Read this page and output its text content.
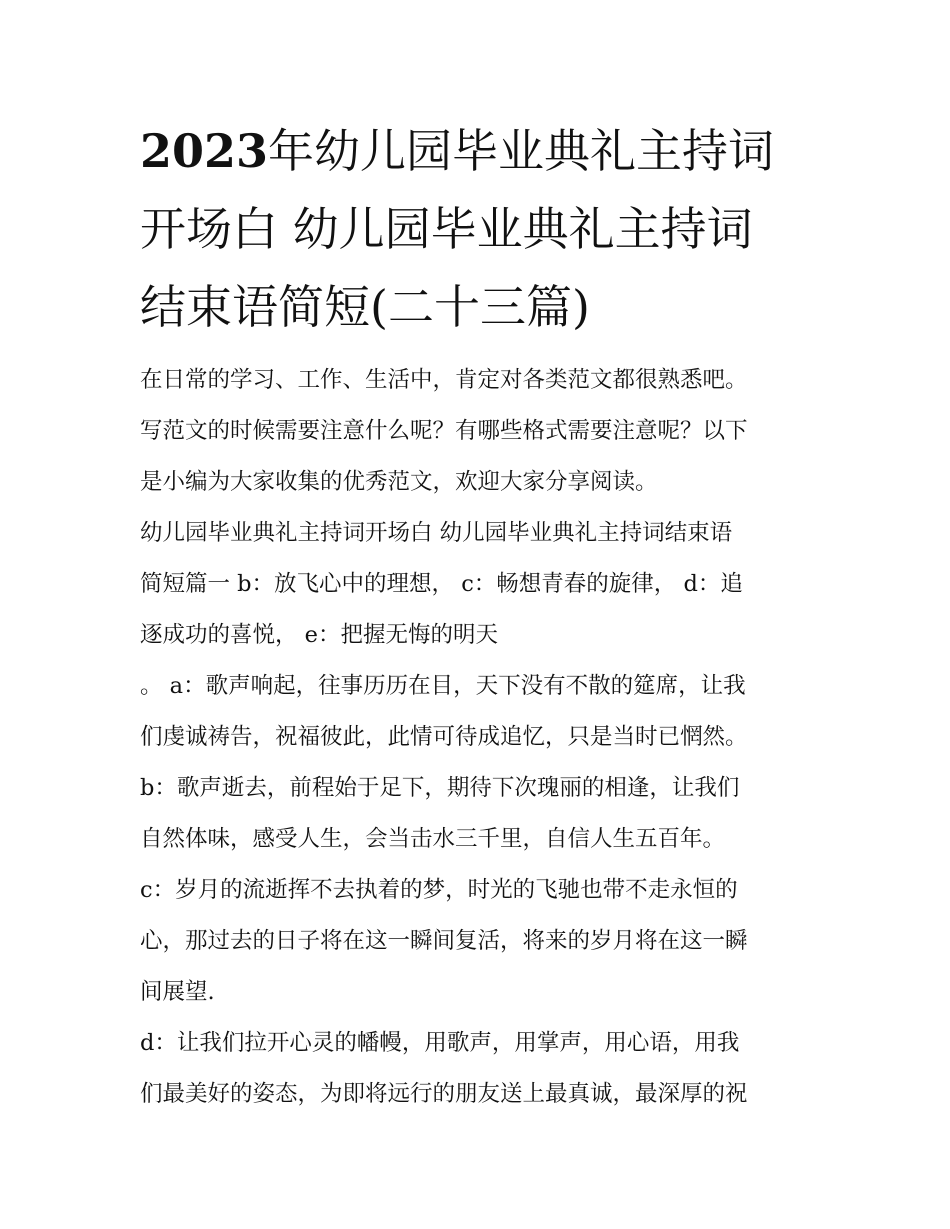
2023年幼儿园毕业典礼主持词
开场白 幼儿园毕业典礼主持词
结束语简短(二十三篇)
在日常的学习、工作、生活中，肯定对各类范文都很熟悉吧。
写范文的时候需要注意什么呢？有哪些格式需要注意呢？以下
是小编为大家收集的优秀范文，欢迎大家分享阅读。
幼儿园毕业典礼主持词开场白 幼儿园毕业典礼主持词结束语
简短篇一 b：放飞心中的理想， c：畅想青春的旋律， d：追
逐成功的喜悦， e：把握无悔的明天
。 a：歌声响起，往事历历在目，天下没有不散的筵席，让我
们虔诚祷告，祝福彼此，此情可待成追忆，只是当时已惘然。
b：歌声逝去，前程始于足下，期待下次瑰丽的相逢，让我们
自然体味，感受人生，会当击水三千里，自信人生五百年。
c：岁月的流逝挥不去执着的梦，时光的飞驰也带不走永恒的
心，那过去的日子将在这一瞬间复活，将来的岁月将在这一瞬
间展望.
d：让我们拉开心灵的幡幔，用歌声，用掌声，用心语，用我
们最美好的姿态，为即将远行的朋友送上最真诚，最深厚的祝
